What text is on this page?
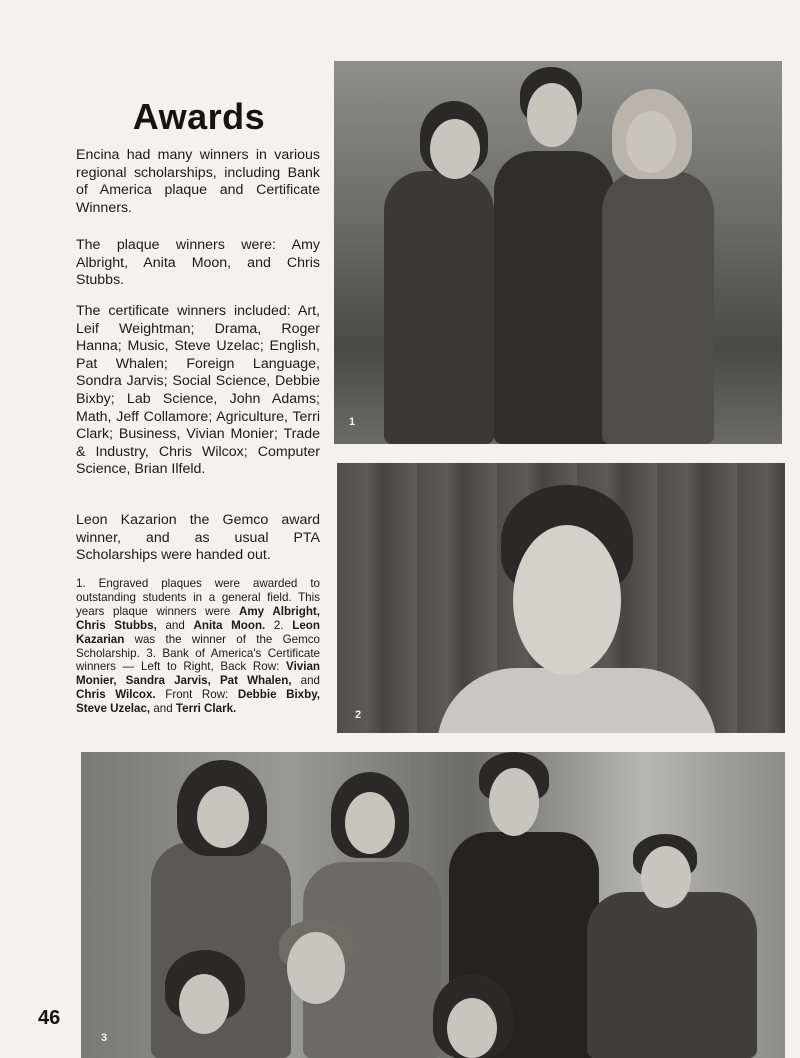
Awards
Encina had many winners in various regional scholarships, including Bank of America plaque and Certificate Winners.
The plaque winners were: Amy Albright, Anita Moon, and Chris Stubbs.
The certificate winners included: Art, Leif Weightman; Drama, Roger Hanna; Music, Steve Uzelac; English, Pat Whalen; Foreign Language, Sondra Jarvis; Social Science, Debbie Bixby; Lab Science, John Adams; Math, Jeff Collamore; Agriculture, Terri Clark; Business, Vivian Monier; Trade & Industry, Chris Wilcox; Computer Science, Brian Ilfeld.
Leon Kazarion the Gemco award winner, and as usual PTA Scholarships were handed out.
1. Engraved plaques were awarded to outstanding students in a general field. This years plaque winners were Amy Albright, Chris Stubbs, and Anita Moon. 2. Leon Kazarian was the winner of the Gemco Scholarship. 3. Bank of America's Certificate winners — Left to Right, Back Row: Vivian Monier, Sandra Jarvis, Pat Whalen, and Chris Wilcox. Front Row: Debbie Bixby, Steve Uzelac, and Terri Clark.
1
2
3
46
